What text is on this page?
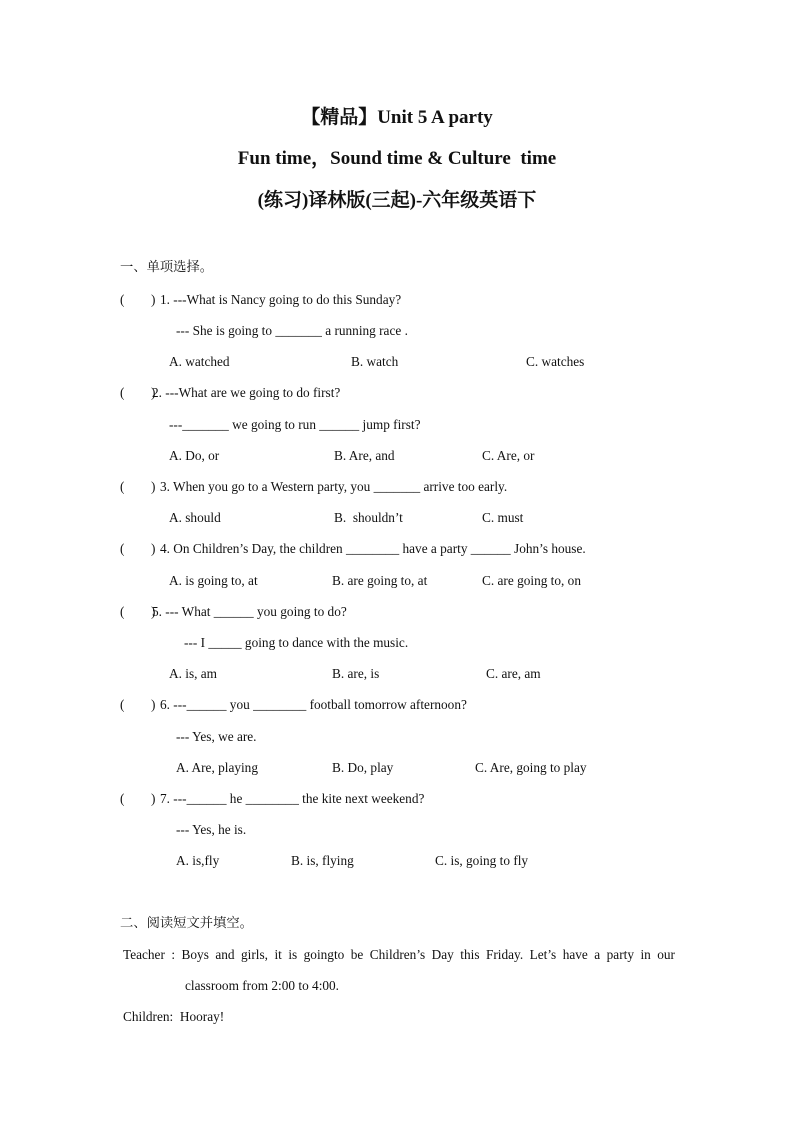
【精品】Unit 5 A party
Fun time，Sound time & Culture  time
(练习)译林版(三起)-六年级英语下
一、单项选择。
(        ) 1. ---What is Nancy going to do this Sunday?
--- She is going to _______ a running race .
A. watched	B. watch	C. watches
(        )
2. ---What are we going to do first?
---_______ we going to run ______ jump first?
A. Do, or	B. Are, and	C. Are, or
(        ) 3. When you go to a Western party, you _______ arrive too early.
A. should	B.  shouldn’t	C. must
(        ) 4. On Children’s Day, the children ________ have a party ______ John’s house.
A. is going to, at	B. are going to, at	C. are going to, on
(        )
5. --- What ______ you going to do?
--- I _____ going to dance with the music.
A. is, am	B. are, is	C. are, am
(        ) 6. ---______ you ________ football tomorrow afternoon?
--- Yes, we are.
A. Are, playing	B. Do, play	C. Are, going to play
(        ) 7. ---______ he ________ the kite next weekend?
--- Yes, he is.
A. is,fly	B. is, flying	C. is, going to fly
二、阅读短文并填空。
Teacher : Boys and girls, it is goingto be Children’s Day this Friday. Let’s have a party in our
classroom from 2:00 to 4:00.
Children:  Hooray!
